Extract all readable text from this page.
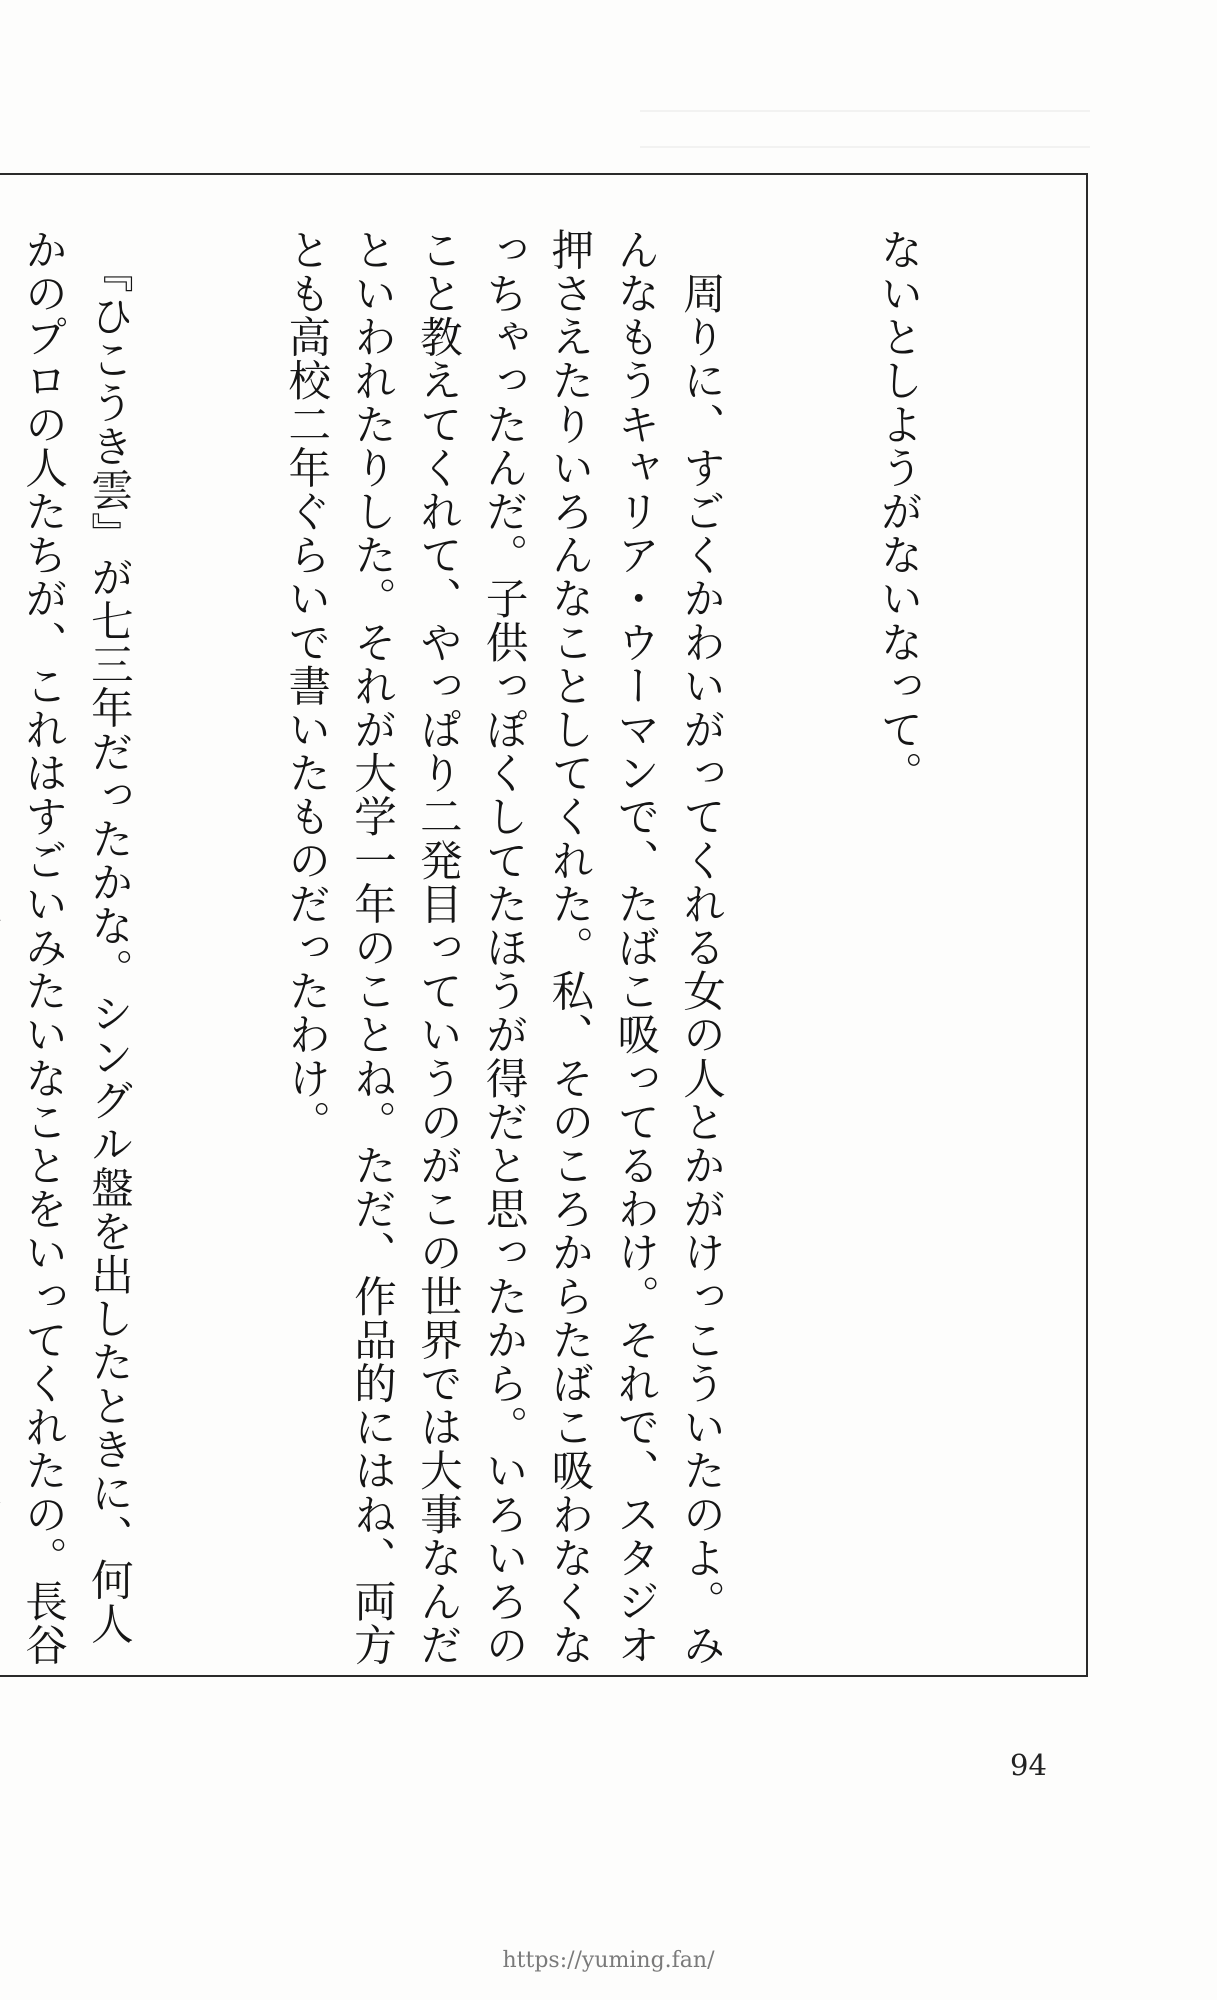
ないとしようがないなって。

　周りに、すごくかわいがってくれる女の人とかがけっこういたのよ。みんなもうキャリア・ウーマンで、たばこ吸ってるわけ。それで、スタジオ押さえたりいろんなことしてくれた。私、そのころからたばこ吸わなくなっちゃったんだ。子供っぽくしてたほうが得だと思ったから。いろいろのこと教えてくれて、やっぱり二発目っていうのがこの世界では大事なんだといわれたりした。それが大学一年のことね。ただ、作品的にはね、両方とも高校二年ぐらいで書いたものだったわけ。

　『ひこうき雲』が七三年だったかな。シングル盤を出したときに、何人かのプロの人たちが、これはすごいみたいなことをいってくれたの。長谷

94
https://yuming.fan/
